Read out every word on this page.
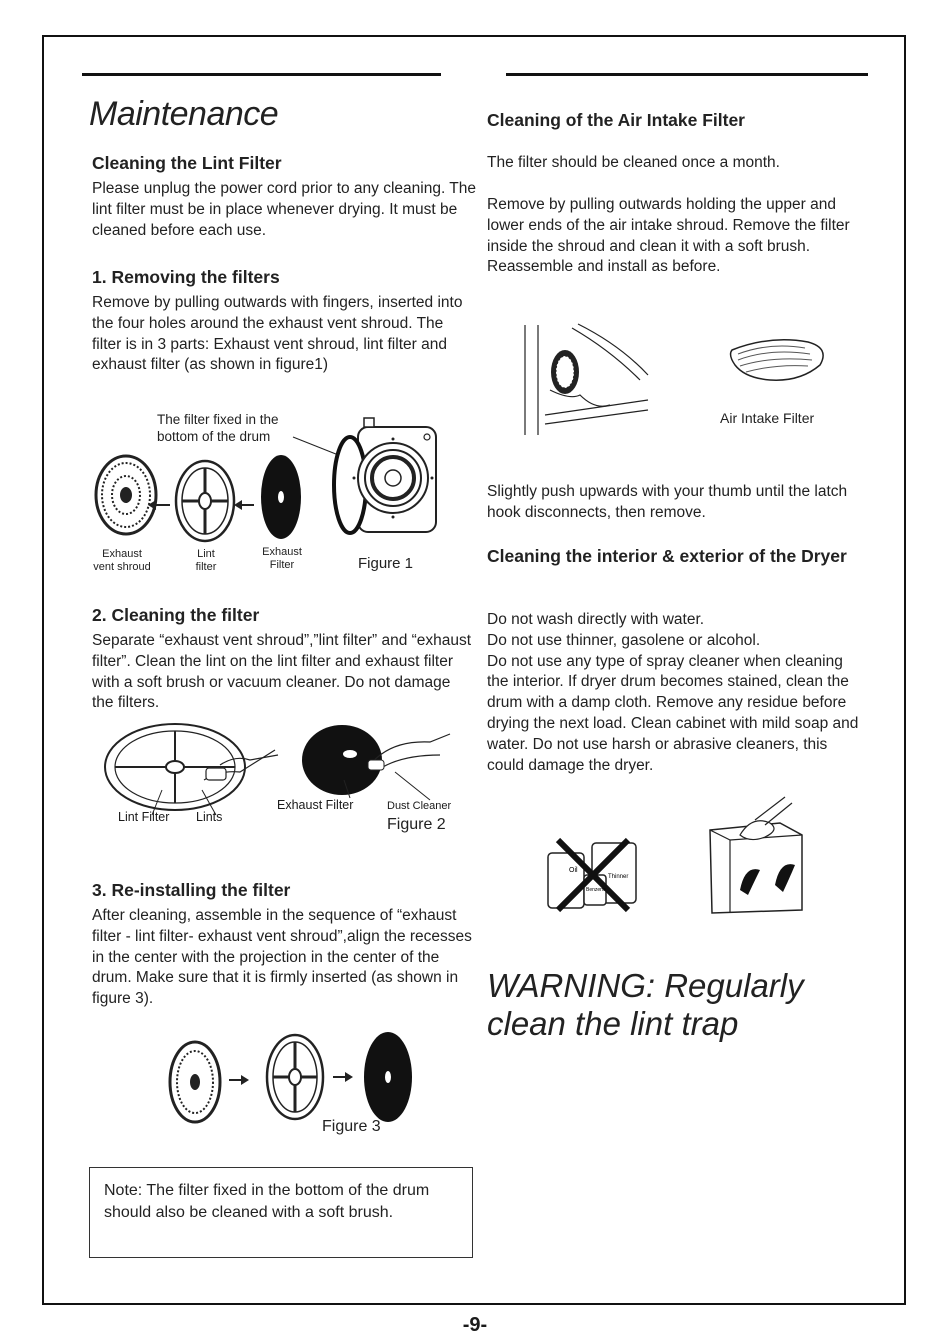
Maintenance
Cleaning the Lint Filter
Please unplug the power cord prior to any cleaning. The lint filter must be in place whenever drying. It must be cleaned before each use.
1. Removing the filters
Remove by pulling outwards with fingers, inserted into the four holes around the exhaust vent shroud. The filter is in 3 parts: Exhaust vent shroud, lint filter and exhaust filter (as shown in figure1)
The filter fixed in the
bottom of the drum
Exhaust
vent shroud
Lint
filter
Exhaust
Filter	Figure 1
2. Cleaning the filter
Separate “exhaust vent shroud”,”lint filter” and “exhaust filter”. Clean the lint on the lint filter and exhaust filter with a soft brush or vacuum cleaner. Do not damage the filters.
Lint Filter Lints
Exhaust Filter	Dust Cleaner
Figure 2
3. Re-installing the filter
After cleaning, assemble in the sequence of “exhaust filter - lint filter- exhaust vent shroud”,align the recesses in the center with the projection in the center of the drum. Make sure that it is firmly inserted (as shown in figure 3).
Figure 3
Note: The filter fixed in the bottom of the drum should also be cleaned with a soft brush.
Cleaning of the Air Intake Filter
The filter should be cleaned once a month.
Remove by pulling outwards holding the upper and lower ends of the air intake shroud. Remove the filter inside the shroud and clean it with a soft brush. Reassemble and install as before.
Air Intake Filter
Slightly push upwards with your thumb until the latch hook disconnects, then remove.
Cleaning the interior & exterior of the Dryer
Do not wash directly with water.
Do not use thinner, gasolene or alcohol.
Do not use any type of spray cleaner when cleaning the interior. If dryer drum becomes stained, clean the drum with a damp cloth. Remove any residue before drying the next load. Clean cabinet with mild soap and water. Do not use harsh or abrasive cleaners, this could damage the dryer.
Oil
Thinner
Benzene
WARNING: Regularly
clean the lint trap
-9-
